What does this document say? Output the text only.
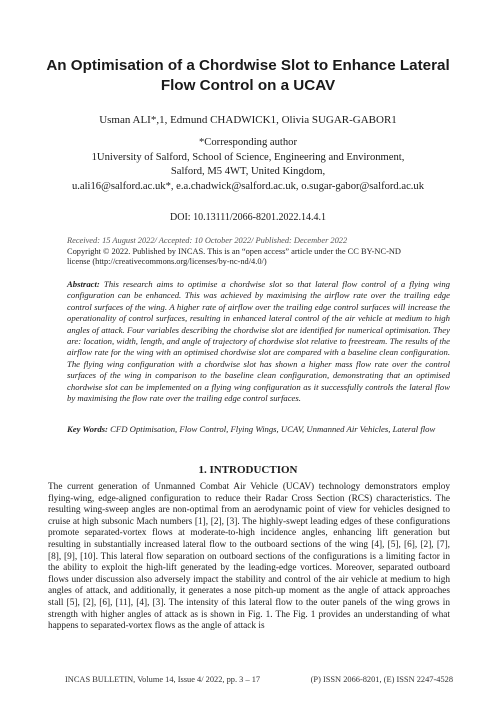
An Optimisation of a Chordwise Slot to Enhance Lateral
Flow Control on a UCAV
Usman ALI*,1, Edmund CHADWICK1, Olivia SUGAR-GABOR1
*Corresponding author
1University of Salford, School of Science, Engineering and Environment,
Salford, M5 4WT, United Kingdom,
u.ali16@salford.ac.uk*, e.a.chadwick@salford.ac.uk, o.sugar-gabor@salford.ac.uk
DOI: 10.13111/2066-8201.2022.14.4.1
Received: 15 August 2022/ Accepted: 10 October 2022/ Published: December 2022
Copyright © 2022. Published by INCAS. This is an “open access” article under the CC BY-NC-ND
license (http://creativecommons.org/licenses/by-nc-nd/4.0/)
Abstract: This research aims to optimise a chordwise slot so that lateral flow control of a flying wing configuration can be enhanced. This was achieved by maximising the airflow rate over the trailing edge control surfaces of the wing. A higher rate of airflow over the trailing edge control surfaces will increase the operationality of control surfaces, resulting in enhanced lateral control of the air vehicle at medium to high angles of attack. Four variables describing the chordwise slot are identified for numerical optimisation. They are: location, width, length, and angle of trajectory of chordwise slot relative to freestream. The results of the airflow rate for the wing with an optimised chordwise slot are compared with a baseline clean configuration. The flying wing configuration with a chordwise slot has shown a higher mass flow rate over the control surfaces of the wing in comparison to the baseline clean configuration, demonstrating that an optimised chordwise slot can be implemented on a flying wing configuration as it successfully controls the lateral flow by maximising the flow rate over the trailing edge control surfaces.
Key Words: CFD Optimisation, Flow Control, Flying Wings, UCAV, Unmanned Air Vehicles, Lateral flow
1. INTRODUCTION
The current generation of Unmanned Combat Air Vehicle (UCAV) technology demonstrators employ flying-wing, edge-aligned configuration to reduce their Radar Cross Section (RCS) characteristics. The resulting wing-sweep angles are non-optimal from an aerodynamic point of view for vehicles designed to cruise at high subsonic Mach numbers [1], [2], [3]. The highly-swept leading edges of these configurations promote separated-vortex flows at moderate-to-high incidence angles, enhancing lift generation but resulting in substantially increased lateral flow to the outboard sections of the wing [4], [5], [6], [2], [7], [8], [9], [10]. This lateral flow separation on outboard sections of the configurations is a limiting factor in the ability to exploit the high-lift generated by the leading-edge vortices. Moreover, separated outboard flows under discussion also adversely impact the stability and control of the air vehicle at medium to high angles of attack, and additionally, it generates a nose pitch-up moment as the angle of attack approaches stall [5], [2], [6], [11], [4], [3]. The intensity of this lateral flow to the outer panels of the wing grows in strength with higher angles of attack as is shown in Fig. 1. The Fig. 1 provides an understanding of what happens to separated-vortex flows as the angle of attack is
INCAS BULLETIN, Volume 14, Issue 4/ 2022, pp. 3 – 17	(P) ISSN 2066-8201, (E) ISSN 2247-4528
